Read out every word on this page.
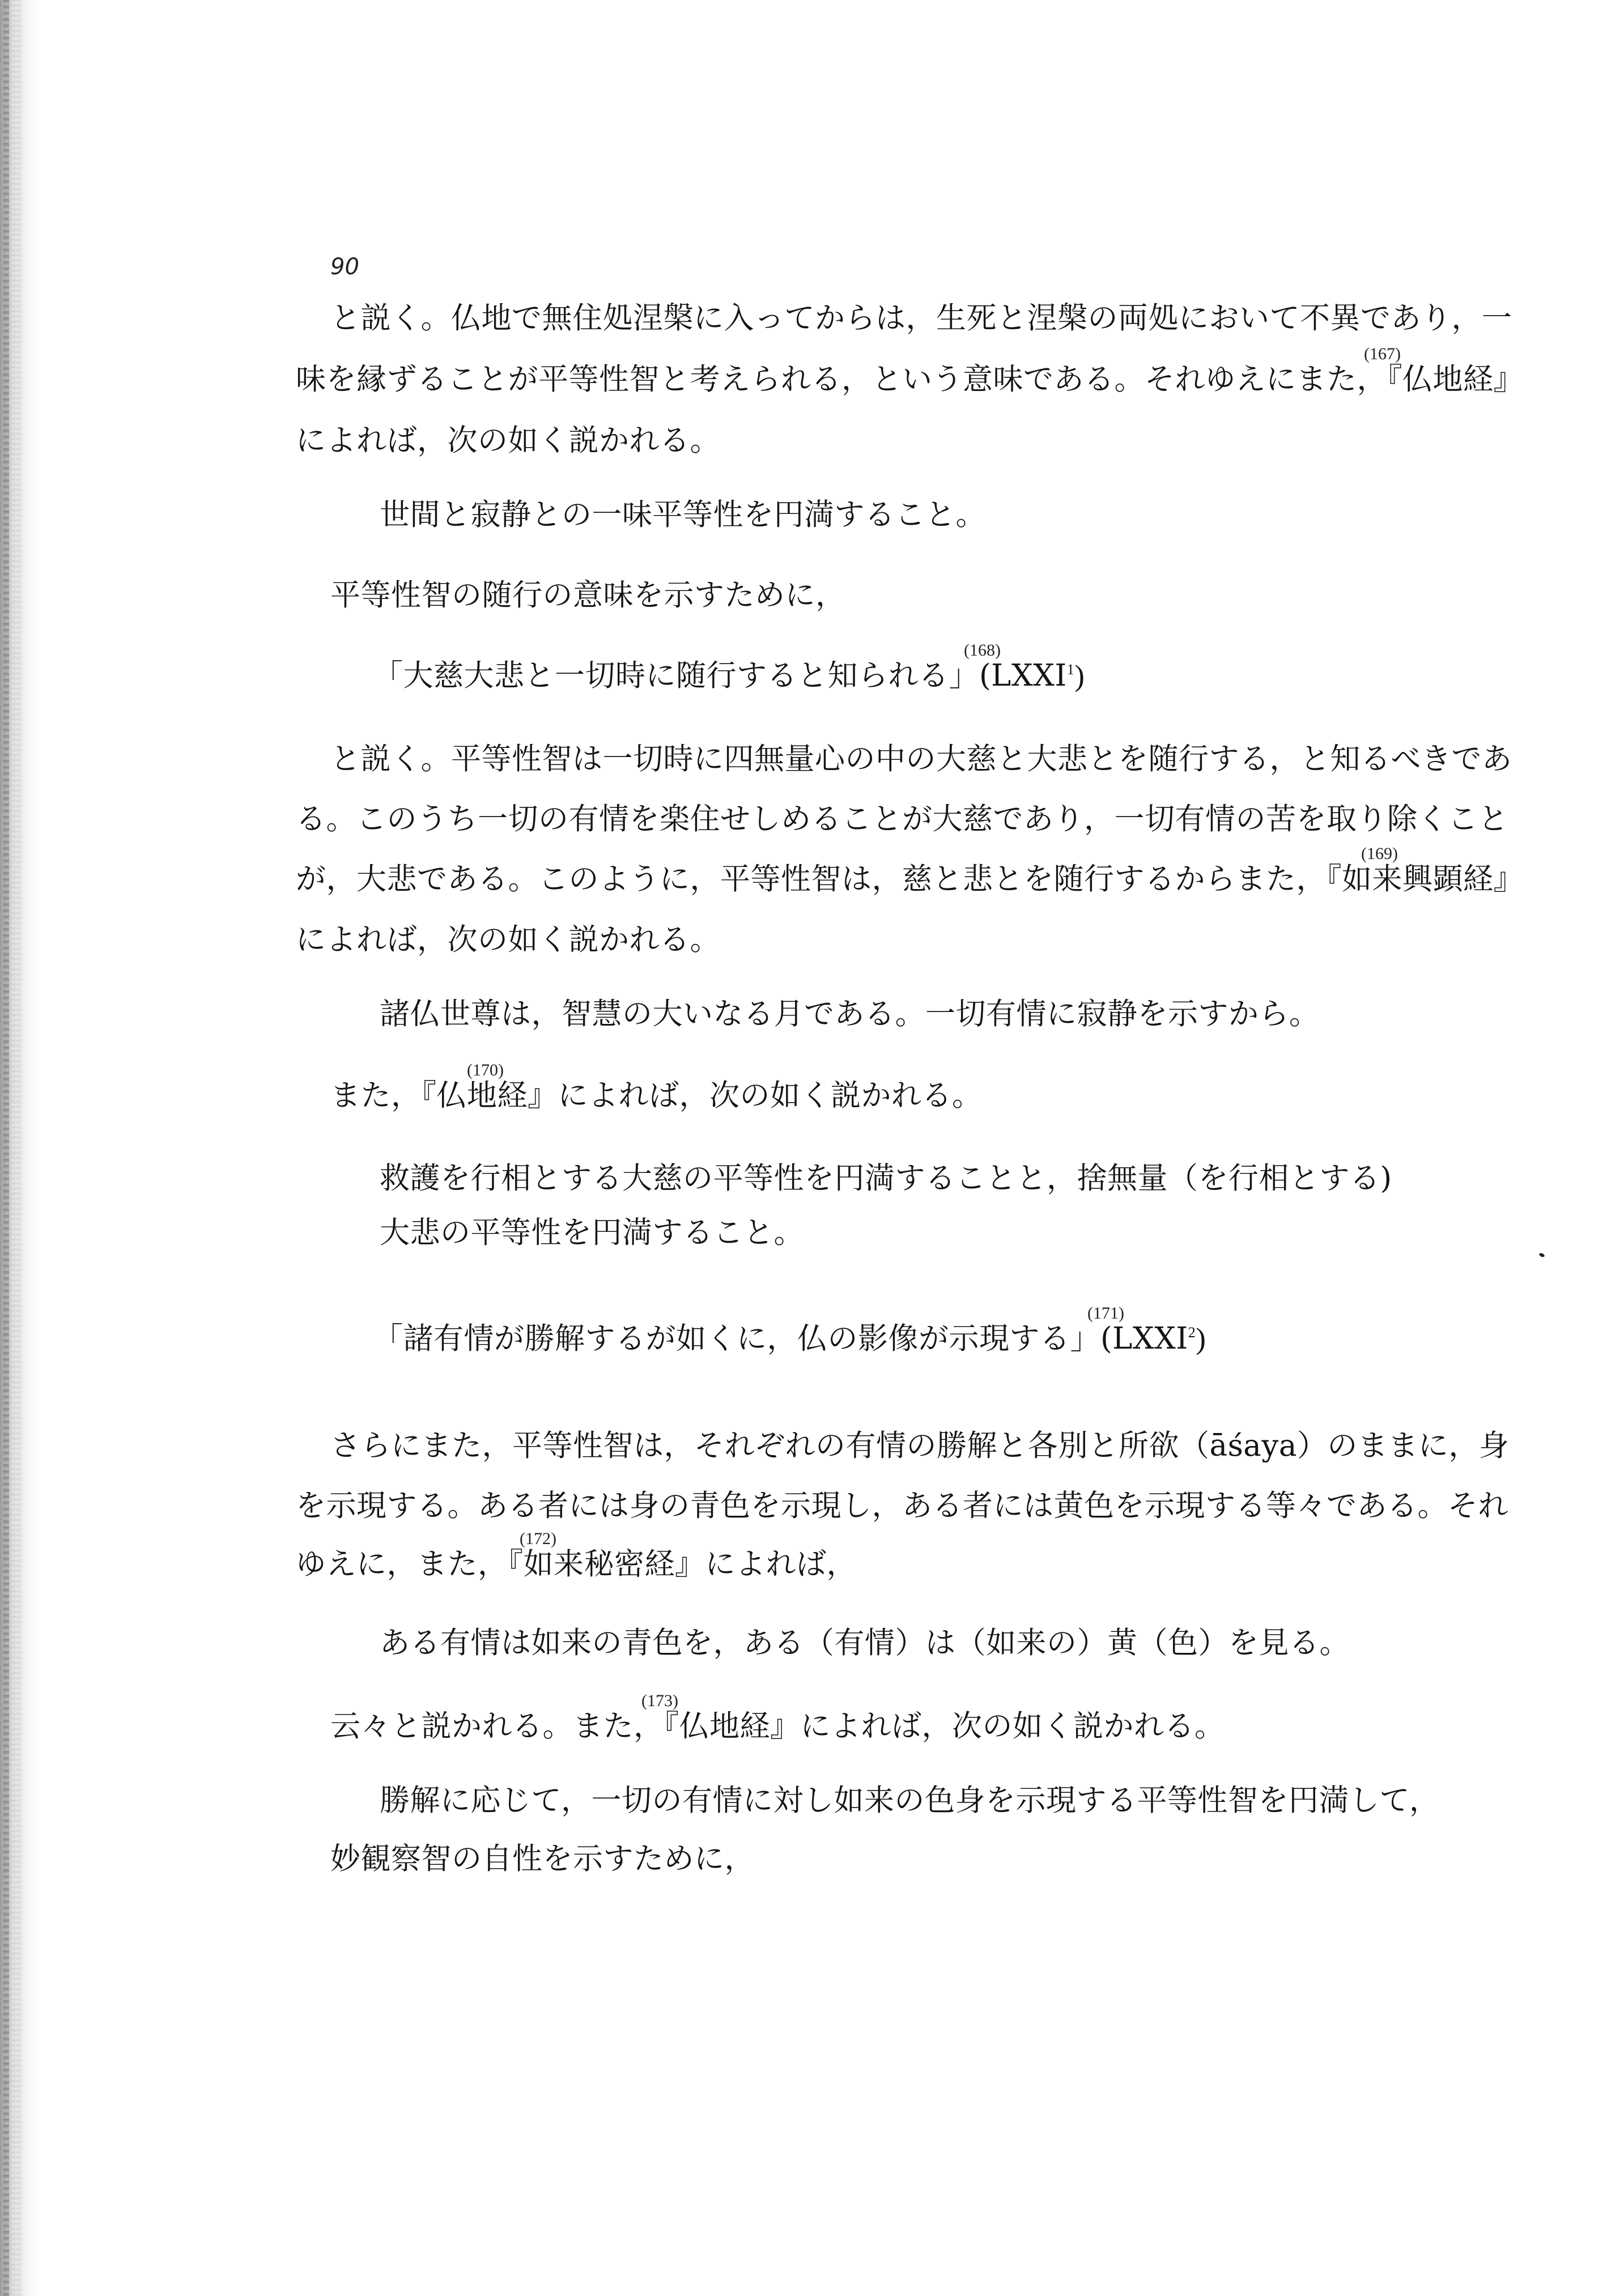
90
と説く。仏地で無住処涅槃に入ってからは，生死と涅槃の両処において不異であり，一
(167)
味を縁ずることが平等性智と考えられる，という意味である。それゆえにまた，『仏地経』
によれば，次の如く説かれる。
世間と寂静との一味平等性を円満すること。
平等性智の随行の意味を示すために，
(168)
「大慈大悲と一切時に随行すると知られる」(LXXI$^1$)
と説く。平等性智は一切時に四無量心の中の大慈と大悲とを随行する，と知るべきであ
る。このうち一切の有情を楽住せしめることが大慈であり，一切有情の苦を取り除くこと
(169)
が，大悲である。このように，平等性智は，慈と悲とを随行するからまた，『如来興顕経』
によれば，次の如く説かれる。
諸仏世尊は，智慧の大いなる月である。一切有情に寂静を示すから。
(170)
また，『仏地経』によれば，次の如く説かれる。
救護を行相とする大慈の平等性を円満することと，捨無量（を行相とする)
大悲の平等性を円満すること。
(171)
「諸有情が勝解するが如くに，仏の影像が示現する」(LXXI$^2$)
さらにまた，平等性智は，それぞれの有情の勝解と各別と所欲（āśaya）のままに，身
を示現する。ある者には身の青色を示現し，ある者には黄色を示現する等々である。それ
(172)
ゆえに，また，『如来秘密経』によれば，
ある有情は如来の青色を，ある（有情）は（如来の）黄（色）を見る。
(173)
云々と説かれる。また，『仏地経』によれば，次の如く説かれる。
勝解に応じて，一切の有情に対し如来の色身を示現する平等性智を円満して，
妙観察智の自性を示すために，
